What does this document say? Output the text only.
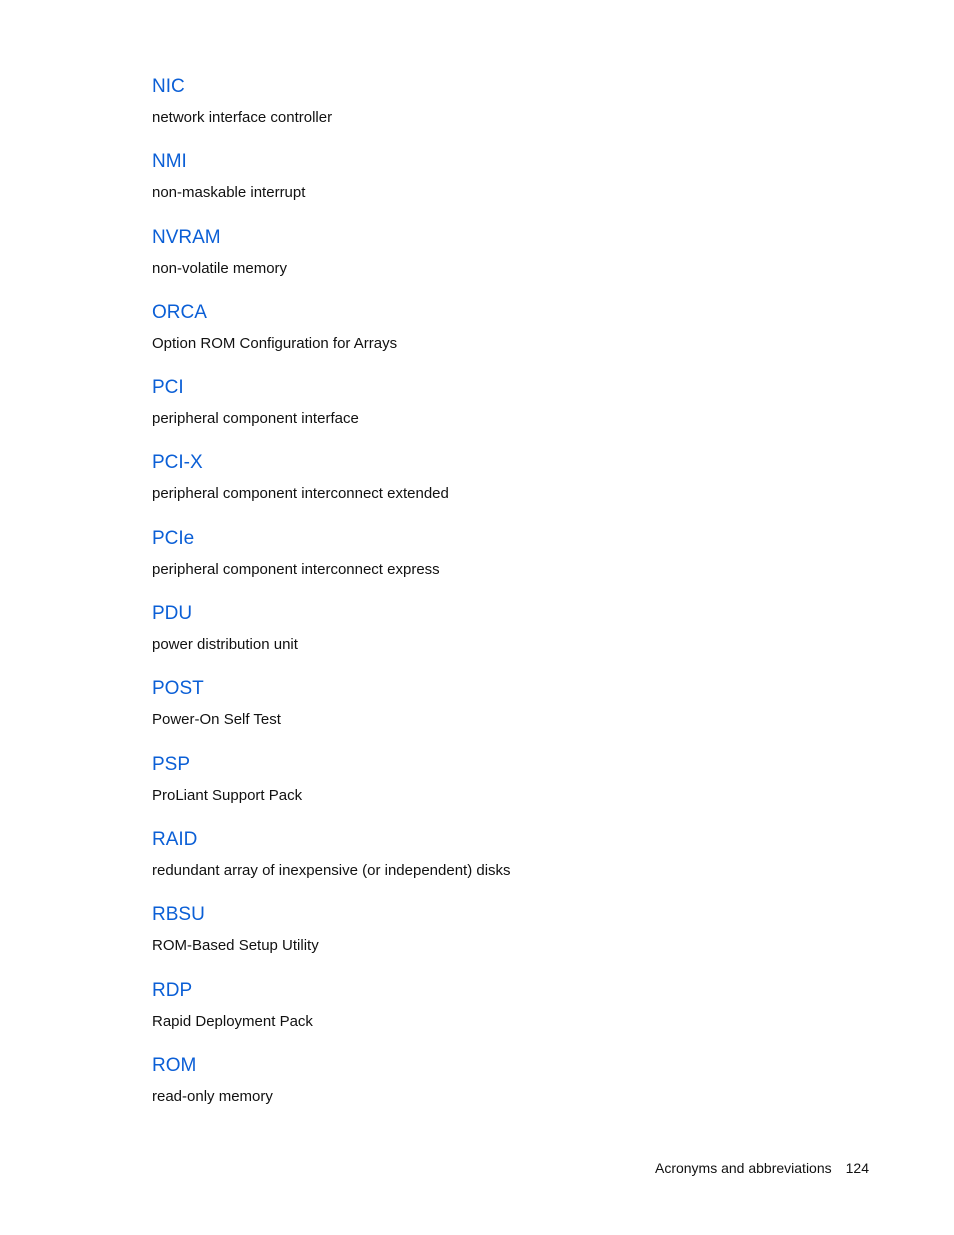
NIC
network interface controller
NMI
non-maskable interrupt
NVRAM
non-volatile memory
ORCA
Option ROM Configuration for Arrays
PCI
peripheral component interface
PCI-X
peripheral component interconnect extended
PCIe
peripheral component interconnect express
PDU
power distribution unit
POST
Power-On Self Test
PSP
ProLiant Support Pack
RAID
redundant array of inexpensive (or independent) disks
RBSU
ROM-Based Setup Utility
RDP
Rapid Deployment Pack
ROM
read-only memory
Acronyms and abbreviations 124
